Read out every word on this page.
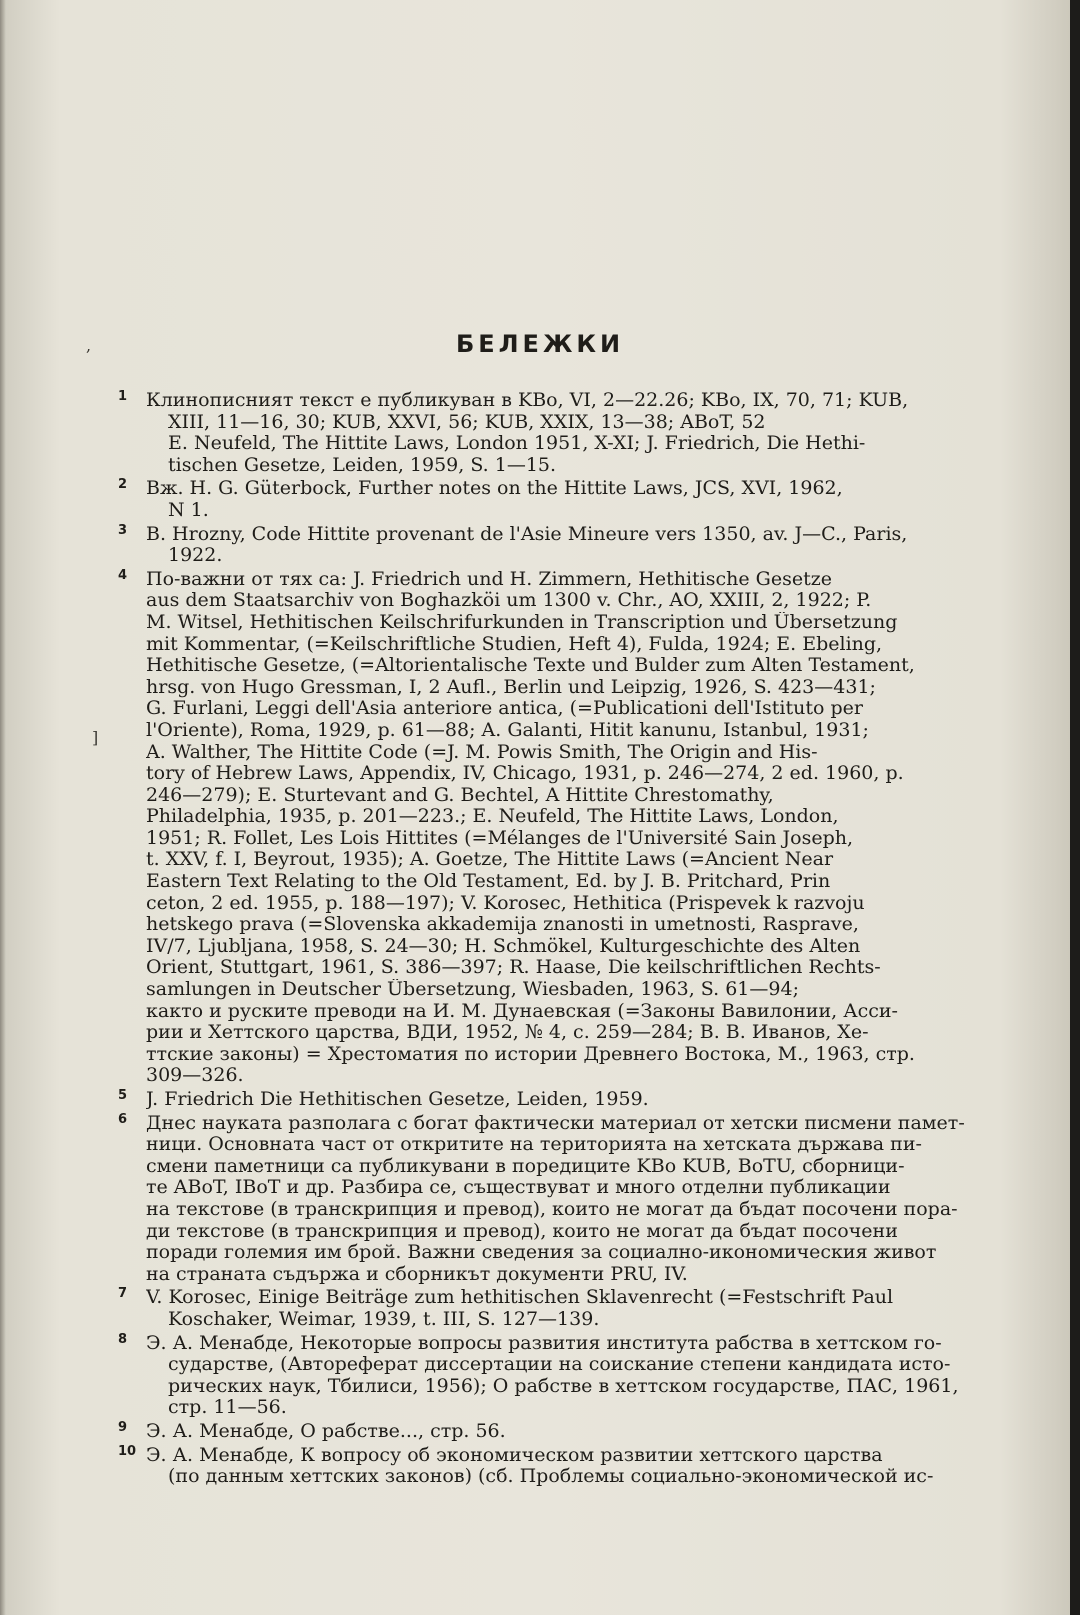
,
]
БЕЛЕЖКИ
1 Клинописният текст е публикуван в KBo, VI, 2—22.26; KBo, IX, 70, 71; KUB,
XIII, 11—16, 30; KUB, XXVI, 56; KUB, XXIX, 13—38; ABoT, 52
E. Neufeld, The Hittite Laws, London 1951, X-XI; J. Friedrich, Die Hethi-
tischen Gesetze, Leiden, 1959, S. 1—15.

2 Вж. H. G. Güterbock, Further notes on the Hittite Laws, JCS, XVI, 1962,
N 1.

3 B. Hrozny, Code Hittite provenant de l'Asie Mineure vers 1350, av. J—C., Paris,
1922.

4 По-важни от тях са: J. Friedrich und H. Zimmern, Hethitische Gesetze
aus dem Staatsarchiv von Boghazköi um 1300 v. Chr., AO, XXIII, 2, 1922; P.
M. Witsel, Hethitischen Keilschrifurkunden in Transcription und Übersetzung
mit Kommentar, (=Keilschriftliche Studien, Heft 4), Fulda, 1924; E. Ebeling,
Hethitische Gesetze, (=Altorientalische Texte und Bulder zum Alten Testament,
hrsg. von Hugo Gressman, I, 2 Aufl., Berlin und Leipzig, 1926, S. 423—431;
G. Furlani, Leggi dell'Asia anteriore antica, (=Publicationi dell'Istituto per
l'Oriente), Roma, 1929, p. 61—88; A. Galanti, Hitit kanunu, Istanbul, 1931;
A. Walther, The Hittite Code (=J. M. Powis Smith, The Origin and His-
tory of Hebrew Laws, Appendix, IV, Chicago, 1931, p. 246—274, 2 ed. 1960, p.
246—279); E. Sturtevant and G. Bechtel, A Hittite Chrestomathy,
Philadelphia, 1935, p. 201—223.; E. Neufeld, The Hittite Laws, London,
1951; R. Follet, Les Lois Hittites (=Mélanges de l'Université Sain Joseph,
t. XXV, f. I, Beyrout, 1935); A. Goetze, The Hittite Laws (=Ancient Near
Eastern Text Relating to the Old Testament, Ed. by J. B. Pritchard, Prin
ceton, 2 ed. 1955, p. 188—197); V. Korosec, Hethitica (Prispevek k razvoju
hetskego prava (=Slovenska akkademija znanosti in umetnosti, Rasprave,
IV/7, Ljubljana, 1958, S. 24—30; H. Schmökel, Kulturgeschichte des Alten
Orient, Stuttgart, 1961, S. 386—397; R. Haase, Die keilschriftlichen Rechts-
samlungen in Deutscher Übersetzung, Wiesbaden, 1963, S. 61—94;
както и руските преводи на И. М. Дунаевская (=Законы Вавилонии, Асси-
рии и Хеттского царства, ВДИ, 1952, № 4, с. 259—284; В. В. Иванов, Хе-
ттские законы) = Хрестоматия по истории Древнего Востока, М., 1963, стр.
309—326.

5 J. Friedrich Die Hethitischen Gesetze, Leiden, 1959.

6 Днес науката разполага с богат фактически материал от хетски писмени памет-
ници. Основната част от откритите на територията на хетската държава пи-
смени паметници са публикувани в поредиците KBo KUB, BoTU, сборници-
те ABoT, IBoT и др. Разбира се, съществуват и много отделни публикации
на текстове (в транскрипция и превод), които не могат да бъдат посочени пора-
ди текстове (в транскрипция и превод), които не могат да бъдат посочени
поради големия им брой. Важни сведения за социално-икономическия живот
на страната съдържа и сборникът документи PRU, IV.

7 V. Korosec, Einige Beiträge zum hethitischen Sklavenrecht (=Festschrift Paul
Koschaker, Weimar, 1939, t. III, S. 127—139.

8 Э. А. Менабде, Некоторые вопросы развития института рабства в хеттском го-
сударстве, (Автореферат диссертации на соискание степени кандидата исто-
рических наук, Тбилиси, 1956); О рабстве в хеттском государстве, ПАС, 1961,
стр. 11—56.

9 Э. А. Менабде, О рабстве..., стр. 56.

10 Э. А. Менабде, К вопросу об экономическом развитии хеттского царства
(по данным хеттских законов) (сб. Проблемы социально-экономической ис-
